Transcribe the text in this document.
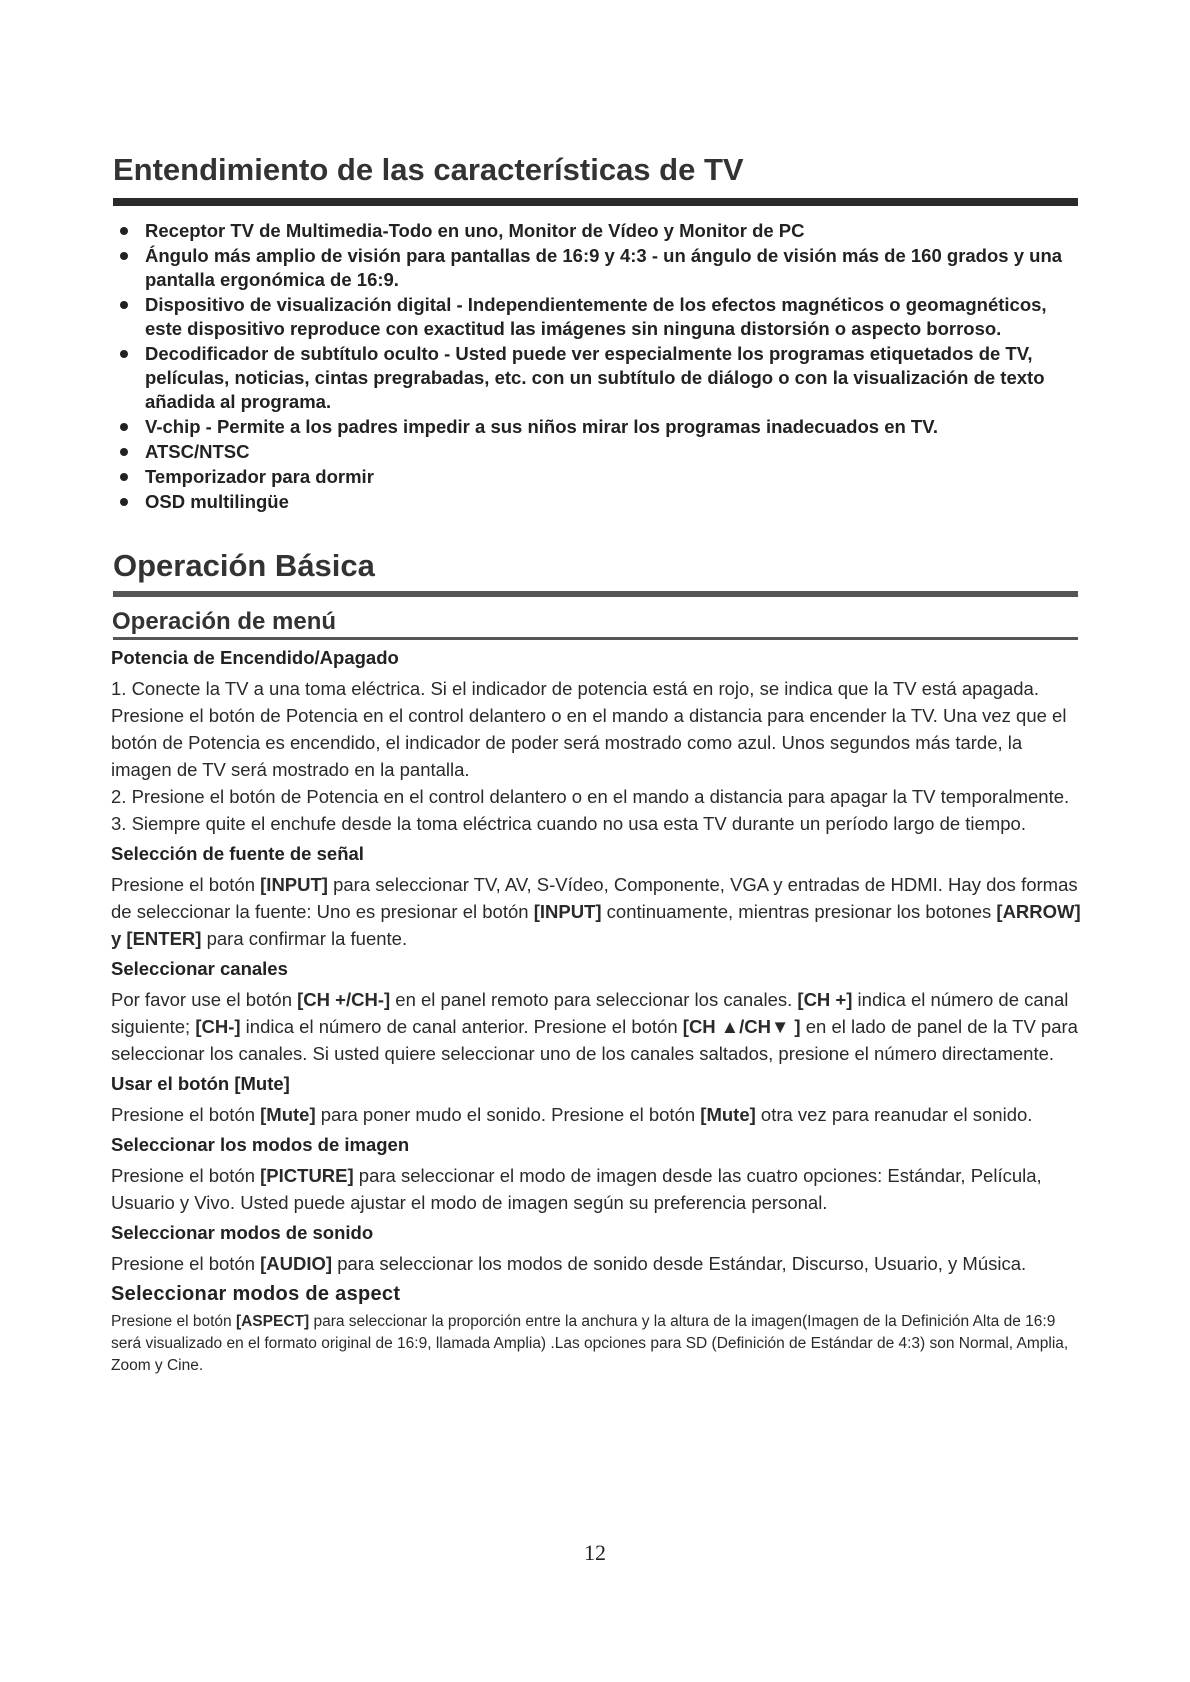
Entendimiento de las características de TV
Receptor TV de Multimedia-Todo en uno, Monitor de Vídeo y Monitor de PC
Ángulo más amplio de visión para pantallas de 16:9 y 4:3 - un ángulo de visión más de 160 grados y una pantalla ergonómica de 16:9.
Dispositivo de visualización digital - Independientemente de los efectos magnéticos o geomagnéticos, este dispositivo reproduce con exactitud las imágenes sin ninguna distorsión o aspecto borroso.
Decodificador de subtítulo oculto - Usted puede ver especialmente los programas etiquetados de TV, películas, noticias, cintas pregrabadas, etc. con un subtítulo de diálogo o con la visualización de texto añadida al programa.
V-chip - Permite a los padres impedir a sus niños mirar los programas inadecuados en TV.
ATSC/NTSC
Temporizador para dormir
OSD multilingüe
Operación Básica
Operación de menú
Potencia de Encendido/Apagado

1. Conecte la TV a una toma eléctrica. Si el indicador de potencia está en rojo, se indica que la TV está apagada. Presione el botón de Potencia en el control delantero o en el mando a distancia para encender la TV. Una vez que el botón de Potencia es encendido, el indicador de poder será mostrado como azul. Unos segundos más tarde, la imagen de TV será mostrado en la pantalla.

2. Presione el botón de Potencia en el control delantero o en el mando a distancia para apagar la TV temporalmente.

3. Siempre quite el enchufe desde la toma eléctrica cuando no usa esta TV durante un período largo de tiempo.

Selección de fuente de señal

Presione el botón [INPUT] para seleccionar TV, AV, S-Vídeo, Componente, VGA y entradas de HDMI. Hay dos formas de seleccionar la fuente: Uno es presionar el botón [INPUT] continuamente, mientras presionar los botones [ARROW] y [ENTER] para confirmar la fuente.

Seleccionar canales

Por favor use el botón [CH +/CH-] en el panel remoto para seleccionar los canales. [CH +] indica el número de canal siguiente; [CH-] indica el número de canal anterior. Presione el botón [CH ▲/CH▼ ] en el lado de panel de la TV para seleccionar los canales. Si usted quiere seleccionar uno de los canales saltados, presione el número directamente.

Usar el botón [Mute]

Presione el botón [Mute] para poner mudo el sonido. Presione el botón [Mute] otra vez para reanudar el sonido.

Seleccionar los modos de imagen

Presione el botón [PICTURE] para seleccionar el modo de imagen desde las cuatro opciones: Estándar, Película, Usuario y Vivo. Usted puede ajustar el modo de imagen según su preferencia personal.

Seleccionar modos de sonido

Presione el botón [AUDIO] para seleccionar los modos de sonido desde Estándar, Discurso, Usuario, y Música.

Seleccionar modos de aspect

Presione el botón [ASPECT] para seleccionar la proporción entre la anchura y la altura de la imagen(Imagen de la Definición Alta de 16:9 será visualizado en el formato original de 16:9, llamada Amplia) .Las opciones para SD (Definición de Estándar de 4:3) son Normal, Amplia, Zoom y Cine.

12
